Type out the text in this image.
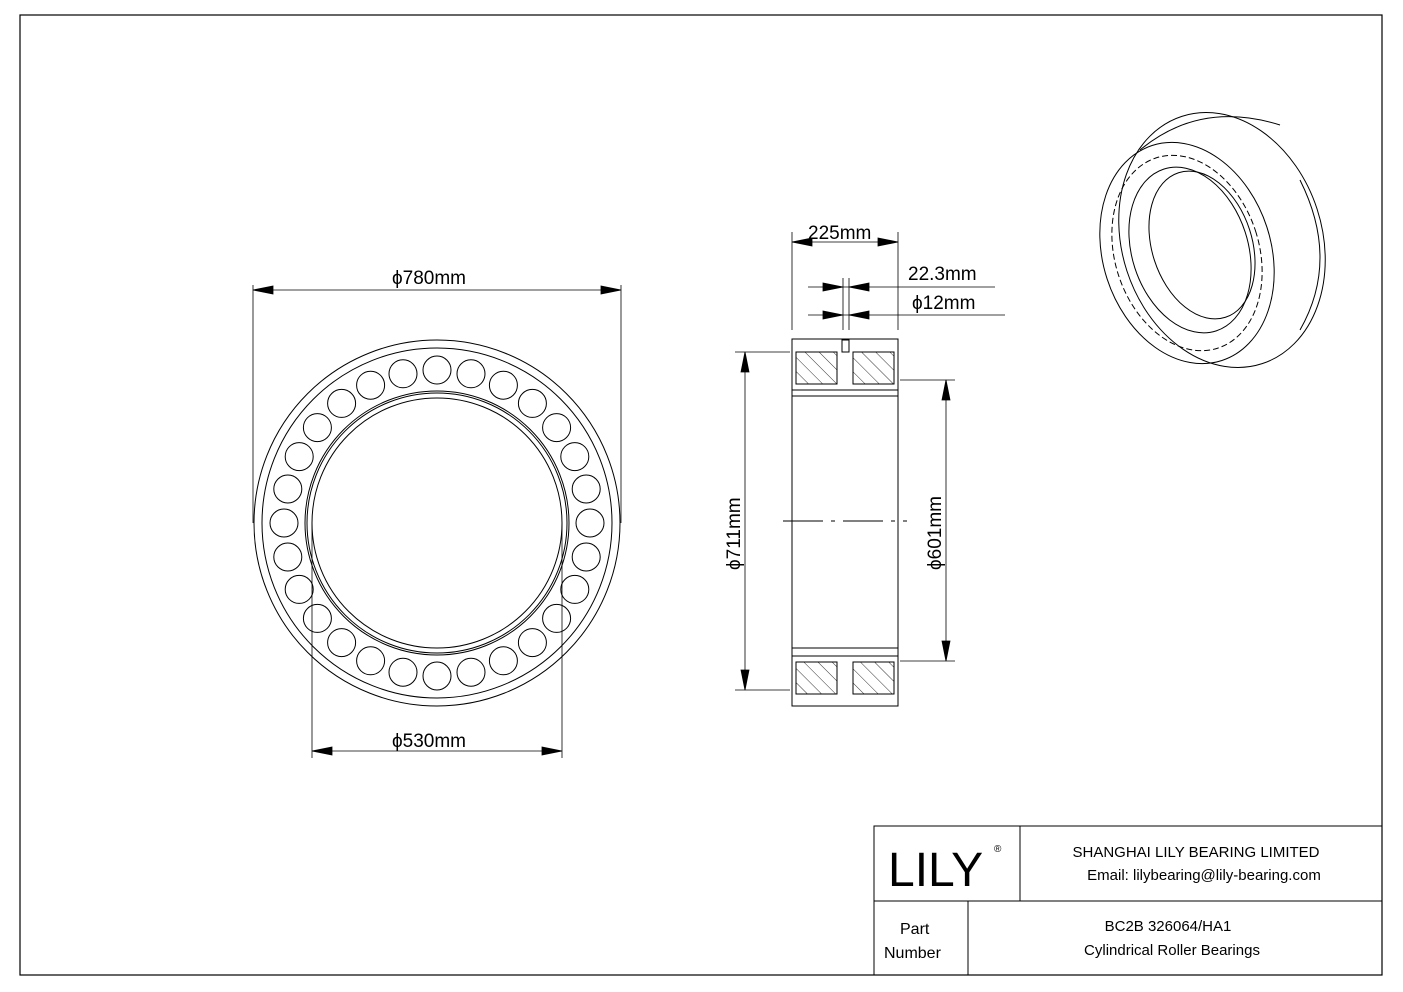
ϕ780mm
ϕ530mm
225mm
22.3mm
ϕ12mm
ϕ711mm
ϕ601mm
LILY ®	SHANGHAI LILY BEARING LIMITED
Email: lilybearing@lily-bearing.com
Part
Number
BC2B 326064/HA1
Cylindrical Roller Bearings
